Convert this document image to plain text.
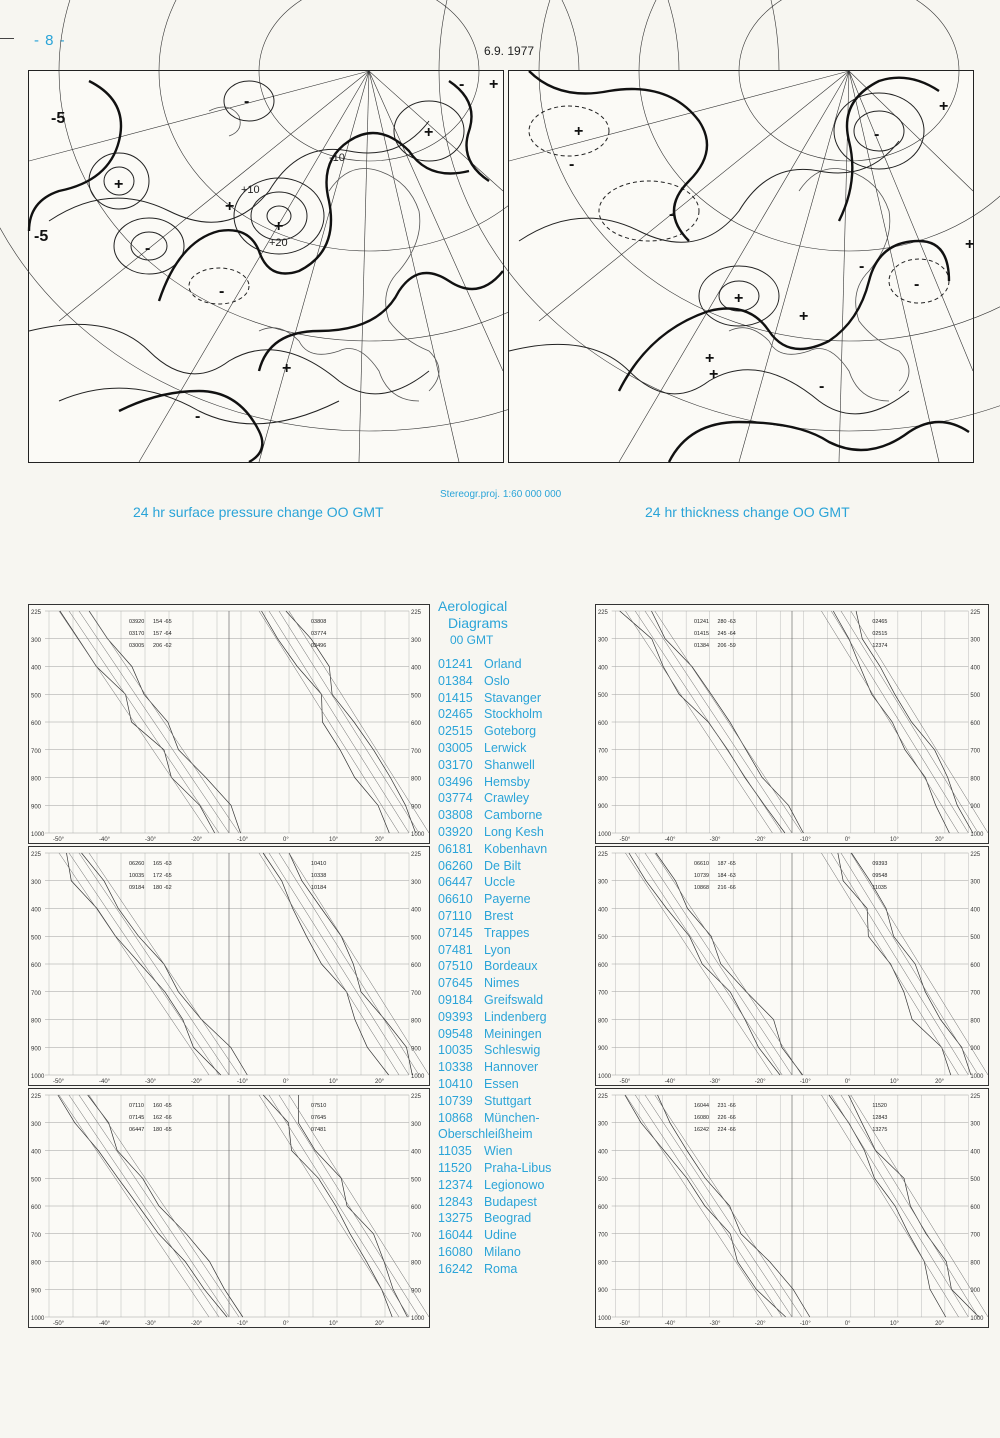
- 8 -
6.9. 1977
-5
-5
+
-
+
-
-
+
+
-
+
-
+
-10
+10
+20
+
+
-
+
-
+
-
+
+
-
-
+
-
Stereogr.proj. 1:60 000 000
24 hr surface pressure change OO GMT	24 hr thickness change OO GMT
225	225
300	300
400	400
500	500
600	600
700	700
800	800
900	900
1000	1000
-50°	-40°	-30°	-20°	-10°	0°	10°	20°
03920 154 -65
03170 157 -64
03005 206 -62
03808
03774
03496
225	225
300	300
400	400
500	500
600	600
700	700
800	800
900	900
1000	1000
-50°	-40°	-30°	-20°	-10°	0°	10°	20°
06260 165 -63
10035 172 -65
09184 180 -62
10410
10338
10184
225	225
300	300
400	400
500	500
600	600
700	700
800	800
900	900
1000	1000
-50°	-40°	-30°	-20°	-10°	0°	10°	20°
07110 160 -65
07145 162 -66
06447 180 -65
07510
07645
07481
225	225
300	300
400	400
500	500
600	600
700	700
800	800
900	900
1000	1000
-50°	-40°	-30°	-20°	-10°	0°	10°	20°
01241 280 -63
01415 245 -64
01384 206 -59
02465
02515
12374
225	225
300	300
400	400
500	500
600	600
700	700
800	800
900	900
1000	1000
-50°	-40°	-30°	-20°	-10°	0°	10°	20°
06610 187 -65
10739 184 -63
10868 216 -66
09393
09548
11035
225	225
300	300
400	400
500	500
600	600
700	700
800	800
900	900
1000	1000
-50°	-40°	-30°	-20°	-10°	0°	10°	20°
16044 231 -66
16080 226 -66
16242 224 -66
11520
12843
13275
Aerological
Diagrams
00 GMT
01241 Orland
01384 Oslo
01415 Stavanger
02465 Stockholm
02515 Goteborg
03005 Lerwick
03170 Shanwell
03496 Hemsby
03774 Crawley
03808 Camborne
03920 Long Kesh
06181 Kobenhavn
06260 De Bilt
06447 Uccle
06610 Payerne
07110 Brest
07145 Trappes
07481 Lyon
07510 Bordeaux
07645 Nimes
09184 Greifswald
09393 Lindenberg
09548 Meiningen
10035 Schleswig
10338 Hannover
10410 Essen
10739 Stuttgart
10868 München-
Oberschleißheim
11035 Wien
11520 Praha-Libus
12374 Legionowo
12843 Budapest
13275 Beograd
16044 Udine
16080 Milano
16242 Roma
